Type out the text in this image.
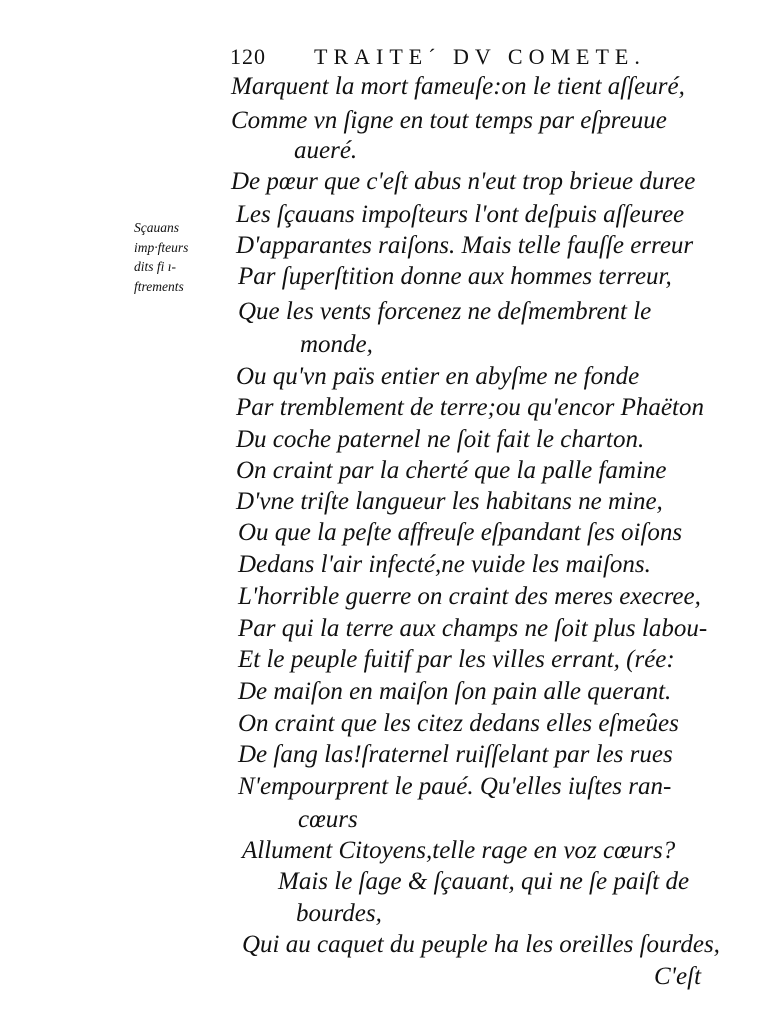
120 TRAITE´ DV COMETE.
Sçauans
imp·fteurs
dits fi ı-
ftrements
Marquent la mort fameuſe:on le tient aſſeuré,
Comme vn ſigne en tout temps par eſpreuue
aueré.
De pœur que c'eſt abus n'eut trop brieue duree
Les ſçauans impoſteurs l'ont deſpuis aſſeuree
D'apparantes raiſons. Mais telle fauſſe erreur
Par ſuperſtition donne aux hommes terreur,
Que les vents forcenez ne deſmembrent le
monde,
Ou qu'vn païs entier en abyſme ne fonde
Par tremblement de terre;ou qu'encor Phaëton
Du coche paternel ne ſoit fait le charton.
On craint par la cherté que la palle famine
D'vne triſte langueur les habitans ne mine,
Ou que la peſte affreuſe eſpandant ſes oiſons
Dedans l'air infecté,ne vuide les maiſons.
L'horrible guerre on craint des meres execree,
Par qui la terre aux champs ne ſoit plus labou-
Et le peuple fuitif par les villes errant, (rée:
De maiſon en maiſon ſon pain alle querant.
On craint que les citez dedans elles eſmeûes
De ſang las!ſraternel ruiſſelant par les rues
N'empourprent le paué. Qu'elles iuſtes ran-
cœurs
Allument Citoyens,telle rage en voz cœurs?
Mais le ſage & ſçauant, qui ne ſe paiſt de
bourdes,
Qui au caquet du peuple ha les oreilles ſourdes,
C'eſt
